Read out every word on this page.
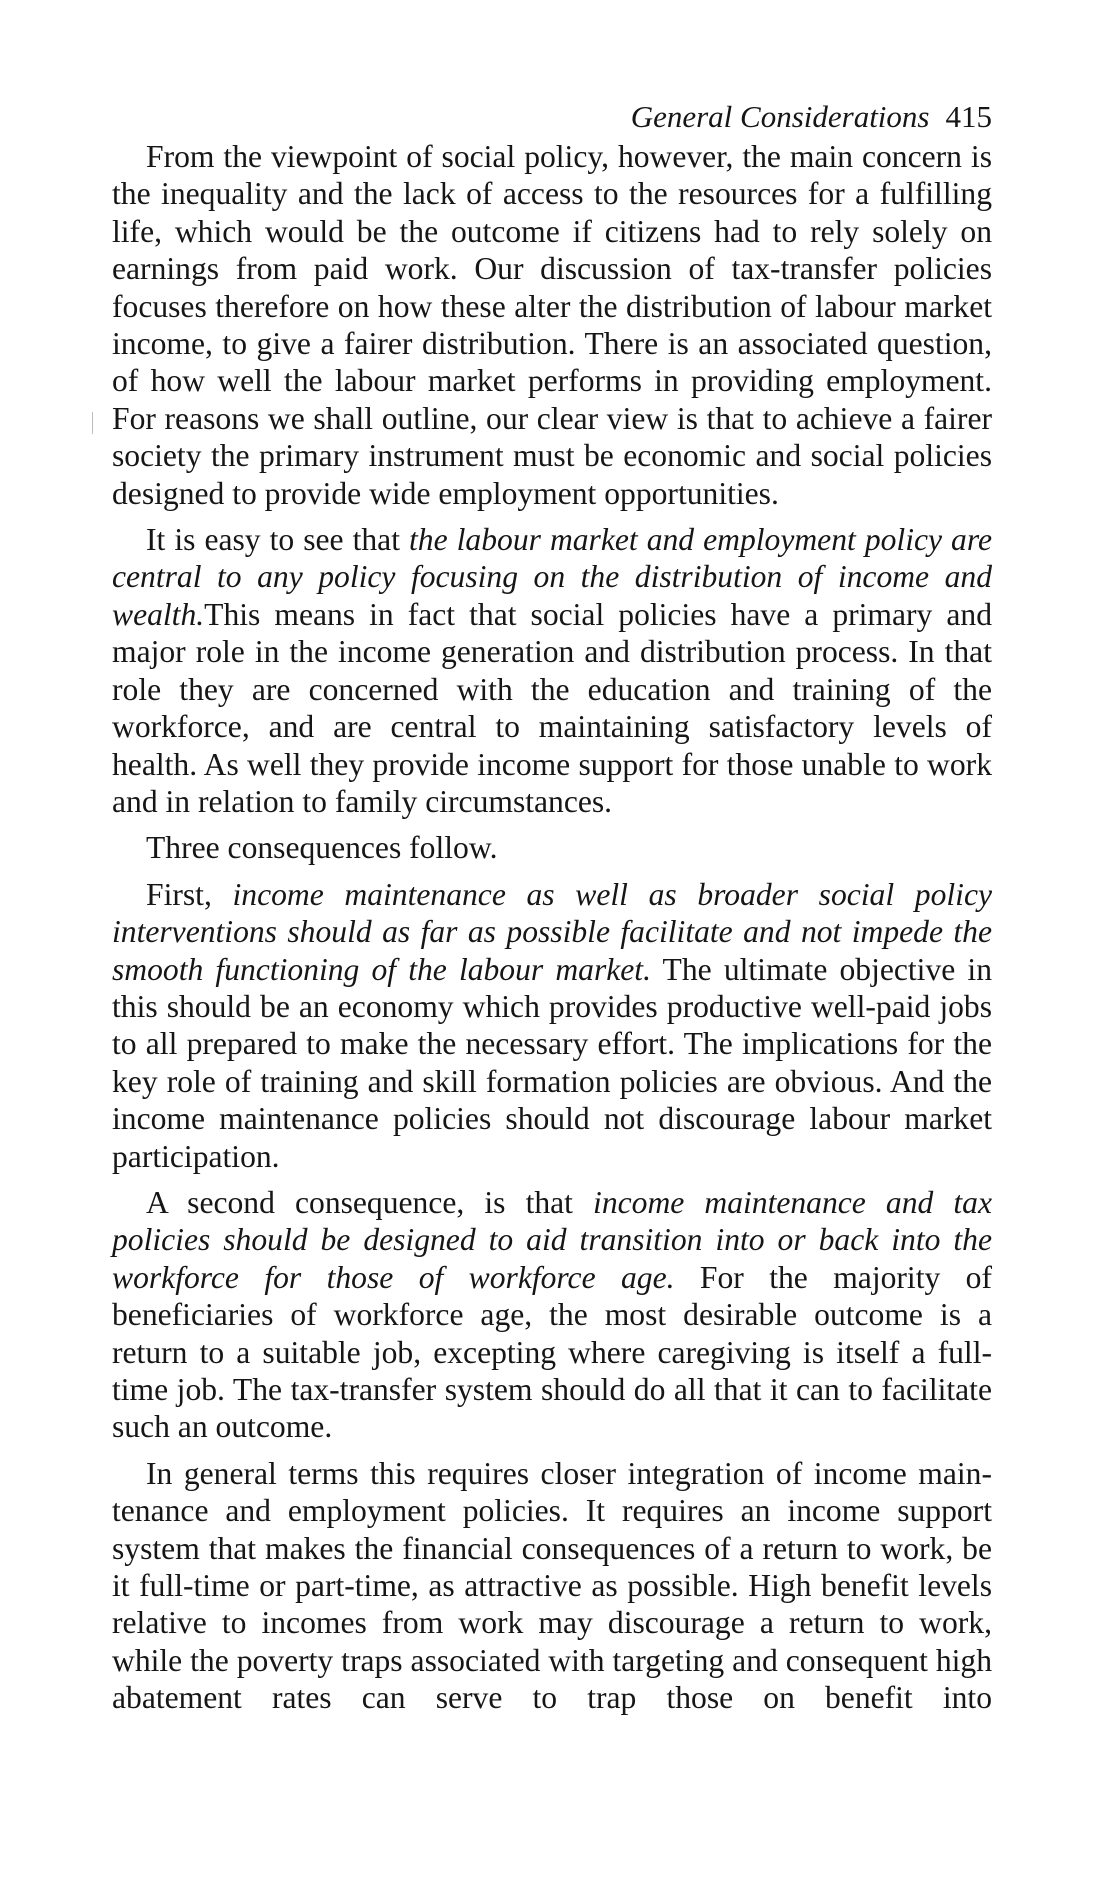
General Considerations 415

From the viewpoint of social policy, however, the main concern is the inequality and the lack of access to the resources for a fulfilling life, which would be the outcome if citizens had to rely solely on earnings from paid work. Our discussion of tax-transfer policies focuses therefore on how these alter the distribution of labour market income, to give a fairer distribution. There is an associated question, of how well the labour market performs in providing employment. For reasons we shall outline, our clear view is that to achieve a fairer society the primary instrument must be economic and social policies designed to provide wide employment opportunities.

It is easy to see that the labour market and employment policy are central to any policy focusing on the distribution of income and wealth.This means in fact that social policies have a primary and major role in the income generation and distribution process. In that role they are concerned with the education and training of the workforce, and are central to maintaining satisfactory levels of health. As well they provide income support for those unable to work and in relation to family circumstances.

Three consequences follow.

First, income maintenance as well as broader social policy interventions should as far as possible facilitate and not impede the smooth functioning of the labour market. The ultimate objective in this should be an economy which provides productive well-paid jobs to all prepared to make the necessary effort. The implications for the key role of training and skill formation policies are obvious. And the income maintenance policies should not discourage labour market participation.

A second consequence, is that income maintenance and tax policies should be designed to aid transition into or back into the workforce for those of workforce age. For the majority of beneficiaries of workforce age, the most desirable outcome is a return to a suitable job, excepting where caregiving is itself a full-time job. The tax-transfer system should do all that it can to facilitate such an outcome.

In general terms this requires closer integration of income maintenance and employment policies. It requires an income support system that makes the financial consequences of a return to work, be it full-time or part-time, as attractive as possible. High benefit levels relative to incomes from work may discourage a return to work, while the poverty traps associated with targeting and consequent high abatement rates can serve to trap those on benefit into
